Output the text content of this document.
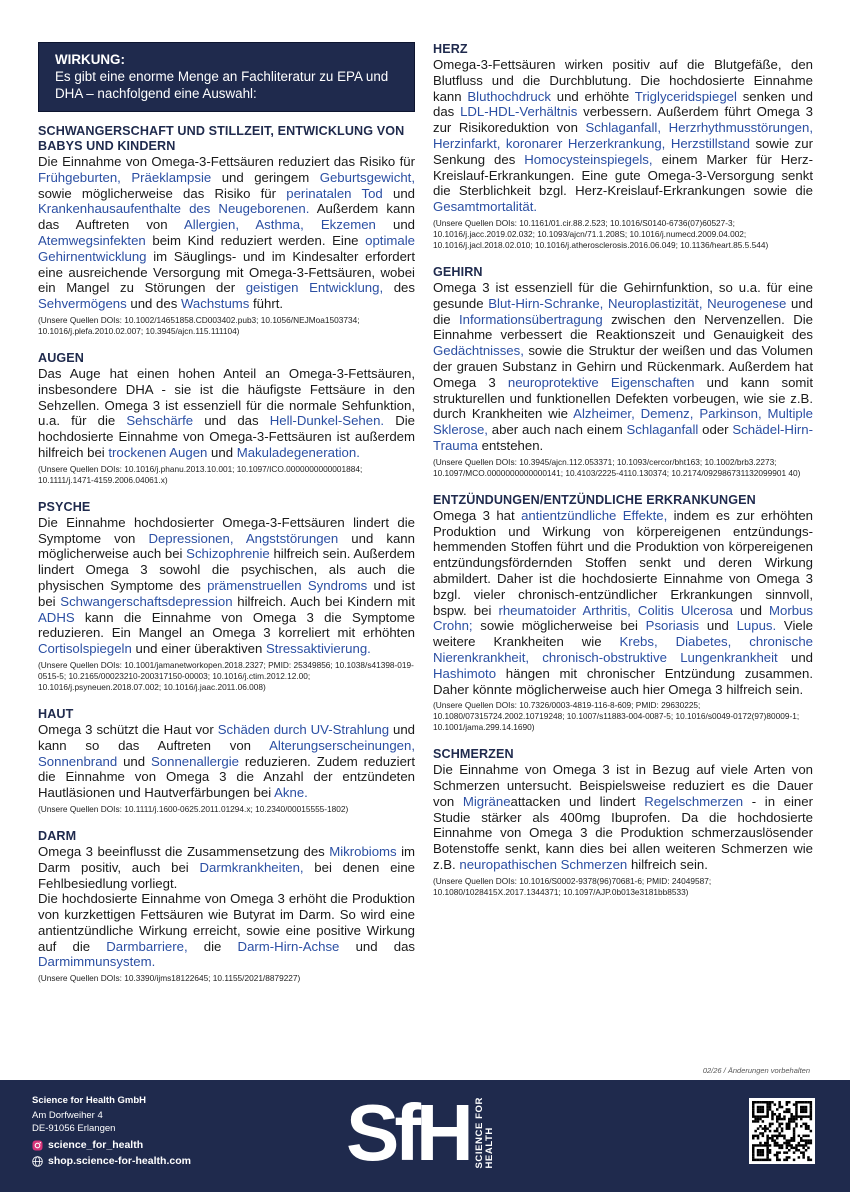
WIRKUNG:
Es gibt eine enorme Menge an Fachliteratur zu EPA und DHA – nachfolgend eine Auswahl:
SCHWANGERSCHAFT UND STILLZEIT, ENTWICKLUNG VON BABYS UND KINDERN

Die Einnahme von Omega-3-Fettsäuren reduziert das Risiko für Frühgeburten, Präeklampsie und geringem Geburtsgewicht, sowie möglicherweise das Risiko für perinatalen Tod und Krankenhausaufenthalte des Neugeborenen. Außerdem kann das Auftreten von Allergien, Asthma, Ekzemen und Atemwegsinfekten beim Kind reduziert werden. Eine optimale Gehirnentwicklung im Säuglings- und im Kindesalter erfordert eine ausreichende Versorgung mit Omega-3-Fettsäuren, wobei ein Mangel zu Störungen der geistigen Entwicklung, des Sehvermögens und des Wachstums führt.

(Unsere Quellen DOIs: 10.1002/14651858.CD003402.pub3; 10.1056/NEJMoa1503734; 10.1016/j.plefa.2010.02.007; 10.3945/ajcn.115.111104)
AUGEN

Das Auge hat einen hohen Anteil an Omega-3-Fettsäuren, insbesondere DHA - sie ist die häufigste Fettsäure in den Sehzellen. Omega 3 ist essenziell für die normale Sehfunktion, u.a. für die Sehschärfe und das Hell-Dunkel-Sehen. Die hochdosierte Einnahme von Omega-3-Fettsäuren ist außerdem hilfreich bei trockenen Augen und Makuladegeneration.

(Unsere Quellen DOIs: 10.1016/j.phanu.2013.10.001; 10.1097/ICO.0000000000001884; 10.1111/j.1471-4159.2006.04061.x)
PSYCHE

Die Einnahme hochdosierter Omega-3-Fettsäuren lindert die Symptome von Depressionen, Angststörungen und kann möglicherweise auch bei Schizophrenie hilfreich sein. Außerdem lindert Omega 3 sowohl die psychischen, als auch die physischen Symptome des prämenstruellen Syndroms und ist bei Schwangerschaftsdepression hilfreich. Auch bei Kindern mit ADHS kann die Einnahme von Omega 3 die Symptome reduzieren. Ein Mangel an Omega 3 korreliert mit erhöhten Cortisolspiegeln und einer überaktiven Stressaktivierung.

(Unsere Quellen DOIs: 10.1001/jamanetworkopen.2018.2327; PMID: 25349856; 10.1038/s41398-019-0515-5; 10.2165/00023210-200317150-00003; 10.1016/j.ctim.2012.12.00; 10.1016/j.psyneuen.2018.07.002; 10.1016/j.jaac.2011.06.008)
HAUT

Omega 3 schützt die Haut vor Schäden durch UV-Strahlung und kann so das Auftreten von Alterungserscheinungen, Sonnenbrand und Sonnenallergie reduzieren. Zudem reduziert die Einnahme von Omega 3 die Anzahl der entzündeten Hautläsionen und Hautverfärbungen bei Akne.

(Unsere Quellen DOIs: 10.1111/j.1600-0625.2011.01294.x; 10.2340/00015555-1802)
DARM

Omega 3 beeinflusst die Zusammensetzung des Mikrobioms im Darm positiv, auch bei Darmkrankheiten, bei denen eine Fehlbesiedlung vorliegt.

Die hochdosierte Einnahme von Omega 3 erhöht die Produktion von kurzkettigen Fettsäuren wie Butyrat im Darm. So wird eine antientzündliche Wirkung erreicht, sowie eine positive Wirkung auf die Darmbarriere, die Darm-Hirn-Achse und das Darmimmunsystem.

(Unsere Quellen DOIs: 10.3390/ijms18122645; 10.1155/2021/8879227)
HERZ

Omega-3-Fettsäuren wirken positiv auf die Blutgefäße, den Blutfluss und die Durchblutung. Die hochdosierte Einnahme kann Bluthochdruck und erhöhte Triglyceridspiegel senken und das LDL-HDL-Verhältnis verbessern. Außerdem führt Omega 3 zur Risikoreduktion von Schlaganfall, Herzrhythmusstörungen, Herzinfarkt, koronarer Herzerkrankung, Herzstillstand sowie zur Senkung des Homocysteinspiegels, einem Marker für Herz-Kreislauf-Erkrankungen. Eine gute Omega-3-Versorgung senkt die Sterblichkeit bzgl. Herz-Kreislauf-Erkrankungen sowie die Gesamtmortalität.

(Unsere Quellen DOIs: 10.1161/01.cir.88.2.523; 10.1016/S0140-6736(07)60527-3; 10.1016/j.jacc.2019.02.032; 10.1093/ajcn/71.1.208S; 10.1016/j.numecd.2009.04.002; 10.1016/j.jacl.2018.02.010; 10.1016/j.atherosclerosis.2016.06.049; 10.1136/heart.85.5.544)
GEHIRN

Omega 3 ist essenziell für die Gehirnfunktion, so u.a. für eine gesunde Blut-Hirn-Schranke, Neuroplastizität, Neurogenese und die Informationsübertragung zwischen den Nervenzellen. Die Einnahme verbessert die Reaktionszeit und Genauigkeit des Gedächtnisses, sowie die Struktur der weißen und das Volumen der grauen Substanz in Gehirn und Rückenmark. Außerdem hat Omega 3 neuroprotektive Eigenschaften und kann somit strukturellen und funktionellen Defekten vorbeugen, wie sie z.B. durch Krankheiten wie Alzheimer, Demenz, Parkinson, Multiple Sklerose, aber auch nach einem Schlaganfall oder Schädel-Hirn-Trauma entstehen.

(Unsere Quellen DOIs: 10.3945/ajcn.112.053371; 10.1093/cercor/bht163; 10.1002/brb3.2273; 10.1097/MCO.0000000000000141; 10.4103/2225-4110.130374; 10.2174/092986731132099901 40)
ENTZÜNDUNGEN/ENTZÜNDLICHE ERKRANKUNGEN

Omega 3 hat antientzündliche Effekte, indem es zur erhöhten Produktion und Wirkung von körpereigenen entzündungshemmenden Stoffen führt und die Produktion von körpereigenen entzündungsfördernden Stoffen senkt und deren Wirkung abmildert. Daher ist die hochdosierte Einnahme von Omega 3 bzgl. vieler chronisch-entzündlicher Erkrankungen sinnvoll, bspw. bei rheumatoider Arthritis, Colitis Ulcerosa und Morbus Crohn; sowie möglicherweise bei Psoriasis und Lupus. Viele weitere Krankheiten wie Krebs, Diabetes, chronische Nierenkrankheit, chronisch-obstruktive Lungenkrankheit und Hashimoto hängen mit chronischer Entzündung zusammen. Daher könnte möglicherweise auch hier Omega 3 hilfreich sein.

(Unsere Quellen DOIs: 10.7326/0003-4819-116-8-609; PMID: 29630225; 10.1080/07315724.2002.10719248; 10.1007/s11883-004-0087-5; 10.1016/s0049-0172(97)80009-1; 10.1001/jama.299.14.1690)
SCHMERZEN

Die Einnahme von Omega 3 ist in Bezug auf viele Arten von Schmerzen untersucht. Beispielsweise reduziert es die Dauer von Migräneattacken und lindert Regelschmerzen - in einer Studie stärker als 400mg Ibuprofen. Da die hochdosierte Einnahme von Omega 3 die Produktion schmerzauslösender Botenstoffe senkt, kann dies bei allen weiteren Schmerzen wie z.B. neuropathischen Schmerzen hilfreich sein.

(Unsere Quellen DOIs: 10.1016/S0002-9378(96)70681-6; PMID: 24049587; 10.1080/1028415X.2017.1344371; 10.1097/AJP.0b013e3181bb8533)
02/26 / Änderungen vorbehalten
Science for Health GmbH
Am Dorfweiher 4
DE-91056 Erlangen
science_for_health
shop.science-for-health.com SfH SCIENCE FOR
HEALTH
